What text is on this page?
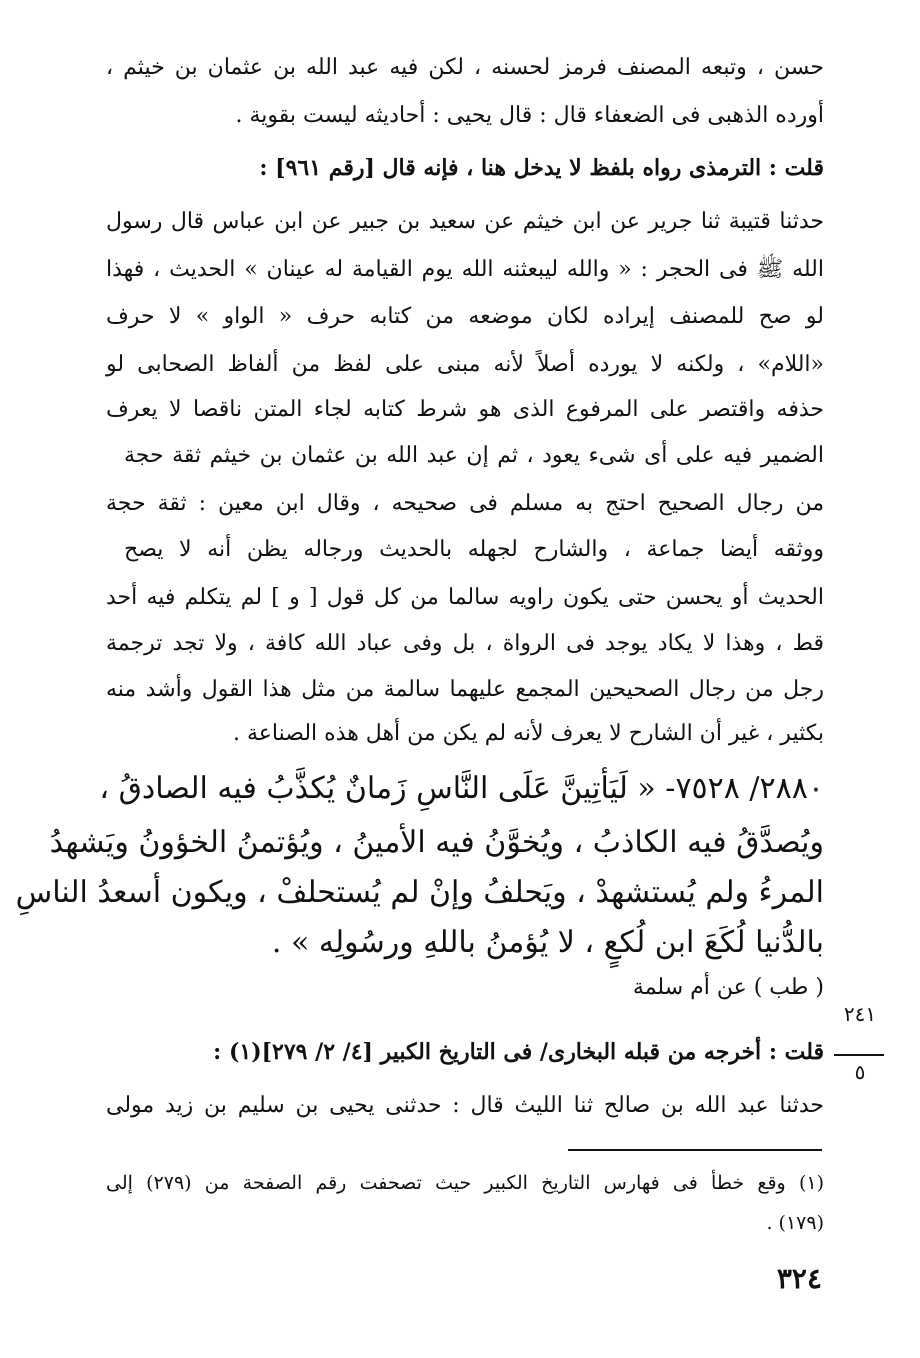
حسن ، وتبعه المصنف فرمز لحسنه ، لكن فيه عبد الله بن عثمان بن خيثم ،
أورده الذهبى فى الضعفاء قال : قال يحيى : أحاديثه ليست بقوية .
قلت : الترمذى رواه بلفظ لا يدخل هنا ، فإنه قال [رقم ٩٦١] :
حدثنا قتيبة ثنا جرير عن ابن خيثم عن سعيد بن جبير عن ابن عباس قال رسول
الله ﷺ فى الحجر : « والله ليبعثنه الله يوم القيامة له عينان » الحديث ، فهذا
لو صح للمصنف إيراده لكان موضعه من كتابه حرف « الواو » لا حرف
«اللام» ، ولكنه لا يورده أصلاً لأنه مبنى على لفظ من ألفاظ الصحابى لو
حذفه واقتصر على المرفوع الذى هو شرط كتابه لجاء المتن ناقصا لا يعرف
الضمير فيه على أى شىء يعود ، ثم إن عبد الله بن عثمان بن خيثم ثقة حجة
من رجال الصحيح احتج به مسلم فى صحيحه ، وقال ابن معين : ثقة حجة
ووثقه أيضا جماعة ، والشارح لجهله بالحديث ورجاله يظن أنه لا يصح
الحديث أو يحسن حتى يكون راويه سالما من كل قول [ و ] لم يتكلم فيه أحد
قط ، وهذا لا يكاد يوجد فى الرواة ، بل وفى عباد الله كافة ، ولا تجد ترجمة
رجل من رجال الصحيحين المجمع عليهما سالمة من مثل هذا القول وأشد منه
بكثير ، غير أن الشارح لا يعرف لأنه لم يكن من أهل هذه الصناعة .
٢٨٨٠/ ٧٥٢٨- « لَيَأتِينَّ عَلَى النَّاسِ زَمانٌ يُكذَّبُ فيه الصادقُ ،
ويُصدَّقُ فيه الكاذبُ ، ويُخوَّنُ فيه الأمينُ ، ويُؤتمنُ الخؤونُ ويَشهدُ
المرءُ ولم يُستشهدْ ، ويَحلفُ وإنْ لم يُستحلفْ ، ويكون أسعدُ الناسِ
بالدُّنيا لُكَعَ ابن لُكعٍ ، لا يُؤمنُ باللهِ ورسُولِه » .
( طب ) عن أم سلمة
٢٤١
٥
قلت : أخرجه من قبله البخارى/ فى التاريخ الكبير [٤/ ٢/ ٢٧٩](١) :
حدثنا عبد الله بن صالح ثنا الليث قال : حدثنى يحيى بن سليم بن زيد مولى
(١) وقع خطأ فى فهارس التاريخ الكبير حيث تصحفت رقم الصفحة من (٢٧٩) إلى
(١٧٩) .
٣٢٤
